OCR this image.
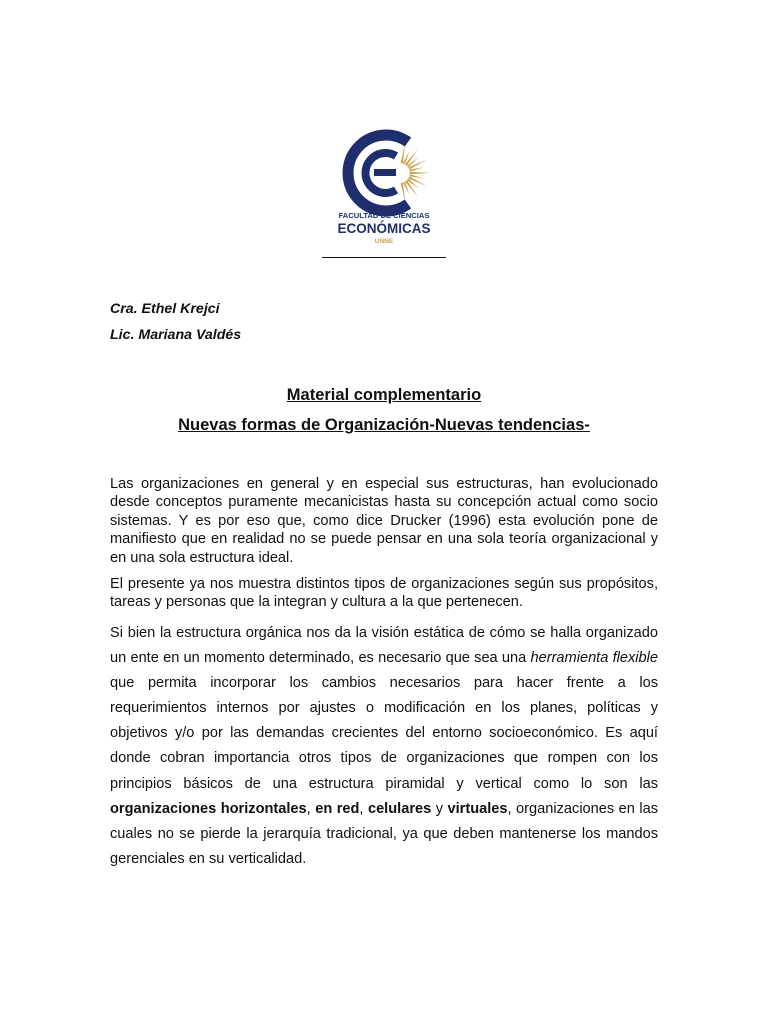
FACULTAD DE CIENCIAS
ECONÓMICAS
UNNE
Cra. Ethel Krejci
Lic. Mariana Valdés
Material complementario
Nuevas formas de Organización-Nuevas tendencias-

Las organizaciones en general y en especial sus estructuras, han evolucionado desde conceptos puramente mecanicistas hasta su concepción actual como socio sistemas. Y es por eso que, como dice Drucker (1996) esta evolución pone de manifiesto que en realidad no se puede pensar en una sola teoría organizacional y en una sola estructura ideal.

El presente ya nos muestra distintos tipos de organizaciones según sus propósitos, tareas y personas que la integran y cultura a la que pertenecen.

Si bien la estructura orgánica nos da la visión estática de cómo se halla organizado un ente en un momento determinado, es necesario que sea una herramienta flexible que permita incorporar los cambios necesarios para hacer frente a los requerimientos internos por ajustes o modificación en los planes, políticas y objetivos y/o por las demandas crecientes del entorno socioeconómico. Es aquí donde cobran importancia otros tipos de organizaciones que rompen con los principios básicos de una estructura piramidal y vertical como lo son las organizaciones horizontales, en red, celulares y virtuales, organizaciones en las cuales no se pierde la jerarquía tradicional, ya que deben mantenerse los mandos gerenciales en su verticalidad.
